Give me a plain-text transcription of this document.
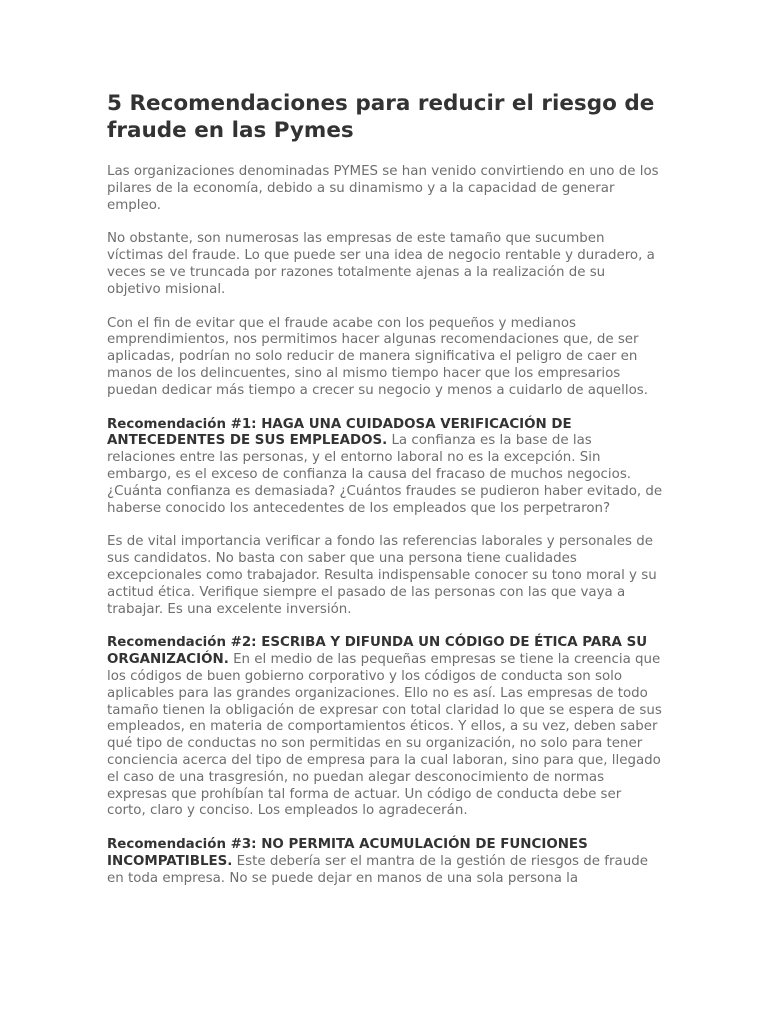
5 Recomendaciones para reducir el riesgo de fraude en las Pymes

Las organizaciones denominadas PYMES se han venido convirtiendo en uno de los pilares de la economía, debido a su dinamismo y a la capacidad de generar empleo.

No obstante, son numerosas las empresas de este tamaño que sucumben víctimas del fraude. Lo que puede ser una idea de negocio rentable y duradero, a veces se ve truncada por razones totalmente ajenas a la realización de su objetivo misional.

Con el fin de evitar que el fraude acabe con los pequeños y medianos emprendimientos, nos permitimos hacer algunas recomendaciones que, de ser aplicadas, podrían no solo reducir de manera significativa el peligro de caer en manos de los delincuentes, sino al mismo tiempo hacer que los empresarios puedan dedicar más tiempo a crecer su negocio y menos a cuidarlo de aquellos.

Recomendación #1: HAGA UNA CUIDADOSA VERIFICACIÓN DE ANTECEDENTES DE SUS EMPLEADOS. La confianza es la base de las relaciones entre las personas, y el entorno laboral no es la excepción. Sin embargo, es el exceso de confianza la causa del fracaso de muchos negocios. ¿Cuánta confianza es demasiada? ¿Cuántos fraudes se pudieron haber evitado, de haberse conocido los antecedentes de los empleados que los perpetraron?

Es de vital importancia verificar a fondo las referencias laborales y personales de sus candidatos. No basta con saber que una persona tiene cualidades excepcionales como trabajador. Resulta indispensable conocer su tono moral y su actitud ética. Verifique siempre el pasado de las personas con las que vaya a trabajar. Es una excelente inversión.

Recomendación #2: ESCRIBA Y DIFUNDA UN CÓDIGO DE ÉTICA PARA SU ORGANIZACIÓN. En el medio de las pequeñas empresas se tiene la creencia que los códigos de buen gobierno corporativo y los códigos de conducta son solo aplicables para las grandes organizaciones. Ello no es así. Las empresas de todo tamaño tienen la obligación de expresar con total claridad lo que se espera de sus empleados, en materia de comportamientos éticos. Y ellos, a su vez, deben saber qué tipo de conductas no son permitidas en su organización, no solo para tener conciencia acerca del tipo de empresa para la cual laboran, sino para que, llegado el caso de una trasgresión, no puedan alegar desconocimiento de normas expresas que prohíbían tal forma de actuar. Un código de conducta debe ser corto, claro y conciso. Los empleados lo agradecerán.

Recomendación #3: NO PERMITA ACUMULACIÓN DE FUNCIONES INCOMPATIBLES. Este debería ser el mantra de la gestión de riesgos de fraude en toda empresa. No se puede dejar en manos de una sola persona la
